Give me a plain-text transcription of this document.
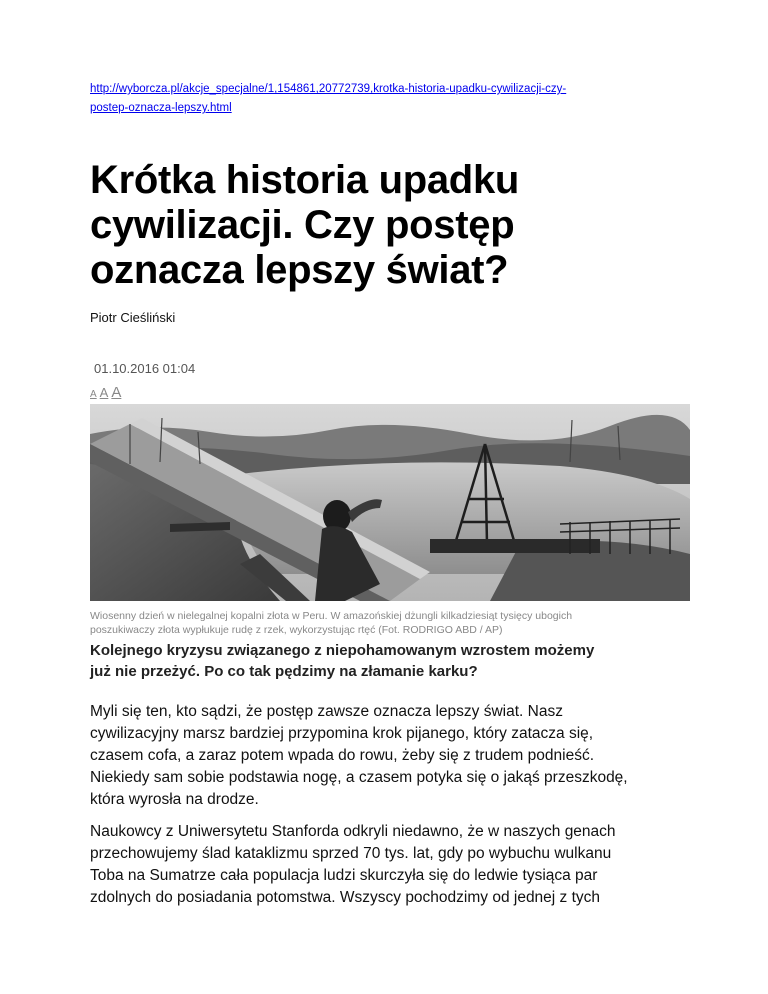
http://wyborcza.pl/akcje_specjalne/1,154861,20772739,krotka-historia-upadku-cywilizacji-czy-
postep-oznacza-lepszy.html
Krótka historia upadku
cywilizacji. Czy postęp
oznacza lepszy świat?
Piotr Cieśliński
01.10.2016 01:04
A A A
Wiosenny dzień w nielegalnej kopalni złota w Peru. W amazońskiej dżungli kilkadziesiąt tysięcy ubogich
poszukiwaczy złota wypłukuje rudę z rzek, wykorzystując rtęć (Fot. RODRIGO ABD / AP)
Kolejnego kryzysu związanego z niepohamowanym wzrostem możemy
już nie przeżyć. Po co tak pędzimy na złamanie karku?
Myli się ten, kto sądzi, że postęp zawsze oznacza lepszy świat. Nasz
cywilizacyjny marsz bardziej przypomina krok pijanego, który zatacza się,
czasem cofa, a zaraz potem wpada do rowu, żeby się z trudem podnieść.
Niekiedy sam sobie podstawia nogę, a czasem potyka się o jakąś przeszkodę,
która wyrosła na drodze.
Naukowcy z Uniwersytetu Stanforda odkryli niedawno, że w naszych genach
przechowujemy ślad kataklizmu sprzed 70 tys. lat, gdy po wybuchu wulkanu
Toba na Sumatrze cała populacja ludzi skurczyła się do ledwie tysiąca par
zdolnych do posiadania potomstwa. Wszyscy pochodzimy od jednej z tych
